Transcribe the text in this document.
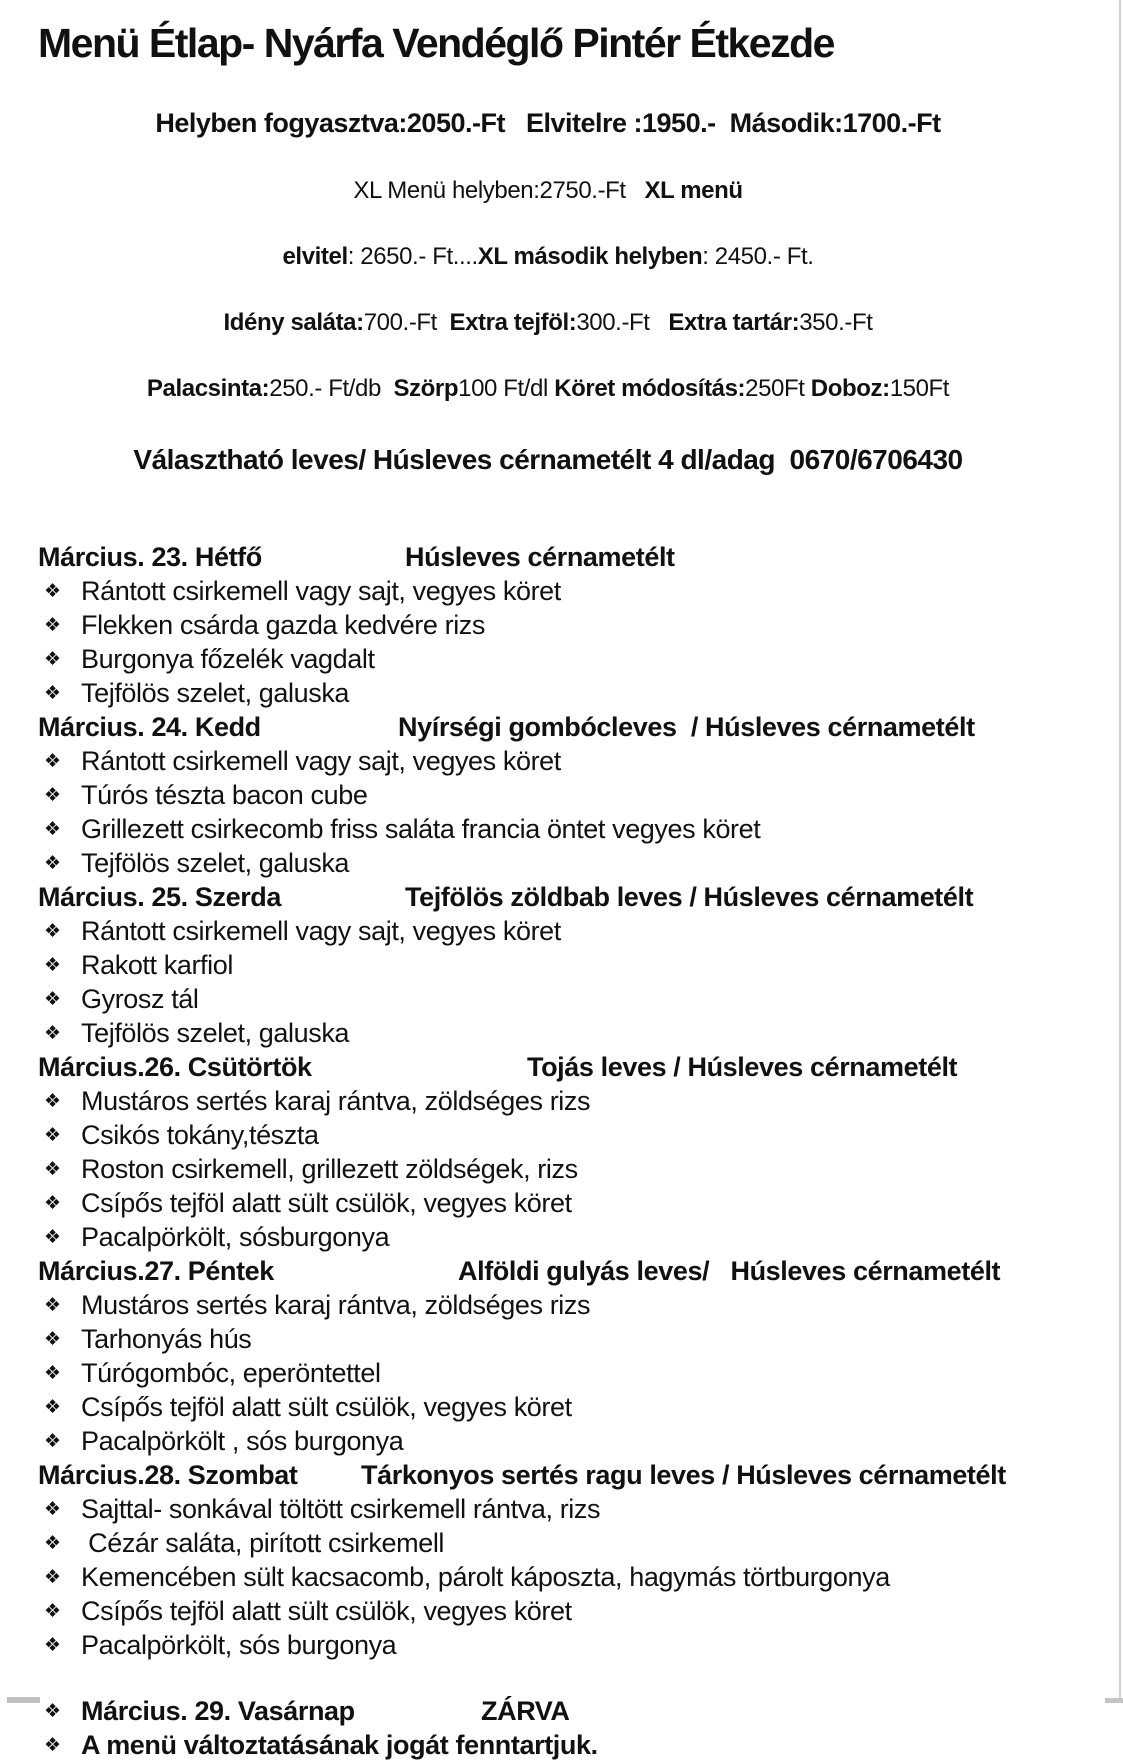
Menü Étlap- Nyárfa Vendéglő Pintér Étkezde

Helyben fogyasztva:2050.-Ft   Elvitelre :1950.-  Második:1700.-Ft

XL Menü helyben:2750.-Ft   XL menü

elvitel: 2650.- Ft....XL második helyben: 2450.- Ft.

Idény saláta:700.-Ft  Extra tejföl:300.-Ft   Extra tartár:350.-Ft

Palacsinta:250.- Ft/db  Szörp100 Ft/dl Köret módosítás:250Ft Doboz:150Ft

Választható leves/ Húsleves cérnametélt 4 dl/adag  0670/6706430

Március. 23. Hétfő	Húsleves cérnametélt
❖ Rántott csirkemell vagy sajt, vegyes köret
❖ Flekken csárda gazda kedvére rizs
❖ Burgonya főzelék vagdalt
❖ Tejfölös szelet, galuska
Március. 24. Kedd	Nyírségi gombócleves  / Húsleves cérnametélt
❖ Rántott csirkemell vagy sajt, vegyes köret
❖ Túrós tészta bacon cube
❖ Grillezett csirkecomb friss saláta francia öntet vegyes köret
❖ Tejfölös szelet, galuska
Március. 25. Szerda	Tejfölös zöldbab leves / Húsleves cérnametélt
❖ Rántott csirkemell vagy sajt, vegyes köret
❖ Rakott karfiol
❖ Gyrosz tál
❖ Tejfölös szelet, galuska
Március.26. Csütörtök	Tojás leves / Húsleves cérnametélt
❖ Mustáros sertés karaj rántva, zöldséges rizs
❖ Csikós tokány,tészta
❖ Roston csirkemell, grillezett zöldségek, rizs
❖ Csípős tejföl alatt sült csülök, vegyes köret
❖ Pacalpörkölt, sósburgonya
Március.27. Péntek	Alföldi gulyás leves/   Húsleves cérnametélt
❖ Mustáros sertés karaj rántva, zöldséges rizs
❖ Tarhonyás hús
❖ Túrógombóc, eperöntettel
❖ Csípős tejföl alatt sült csülök, vegyes köret
❖ Pacalpörkölt , sós burgonya
Március.28. Szombat	Tárkonyos sertés ragu leves / Húsleves cérnametélt
❖ Sajttal- sonkával töltött csirkemell rántva, rizs
❖ Cézár saláta, pirított csirkemell
❖ Kemencében sült kacsacomb, párolt káposzta, hagymás törtburgonya
❖ Csípős tejföl alatt sült csülök, vegyes köret
❖ Pacalpörkölt, sós burgonya
❖ Március. 29. Vasárnap	ZÁRVA
❖ A menü változtatásának jogát fenntartjuk.
